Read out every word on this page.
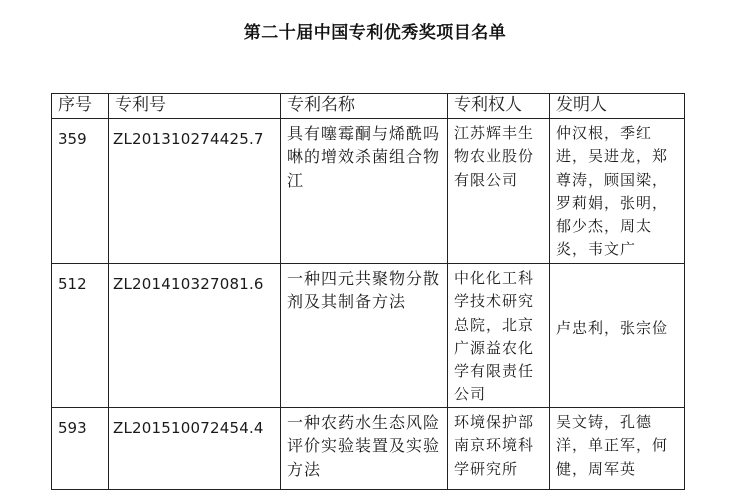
第二十届中国专利优秀奖项目名单
序号	专利号	专利名称	专利权人	发明人
359	ZL201310274425.7	具有噻霉酮与烯酰吗啉的增效杀菌组合物江	江苏辉丰生物农业股份有限公司	仲汉根，季红进，吴进龙，郑尊涛，顾国梁，罗莉娟，张明，郁少杰，周太炎，韦文广
512	ZL201410327081.6	一种四元共聚物分散剂及其制备方法	中化化工科学技术研究总院，北京广源益农化学有限责任公司	卢忠利，张宗俭

593	ZL201510072454.4	一种农药水生态风险评价实验装置及实验方法	环境保护部南京环境科学研究所	吴文铸，孔德洋，单正军，何健，周军英
